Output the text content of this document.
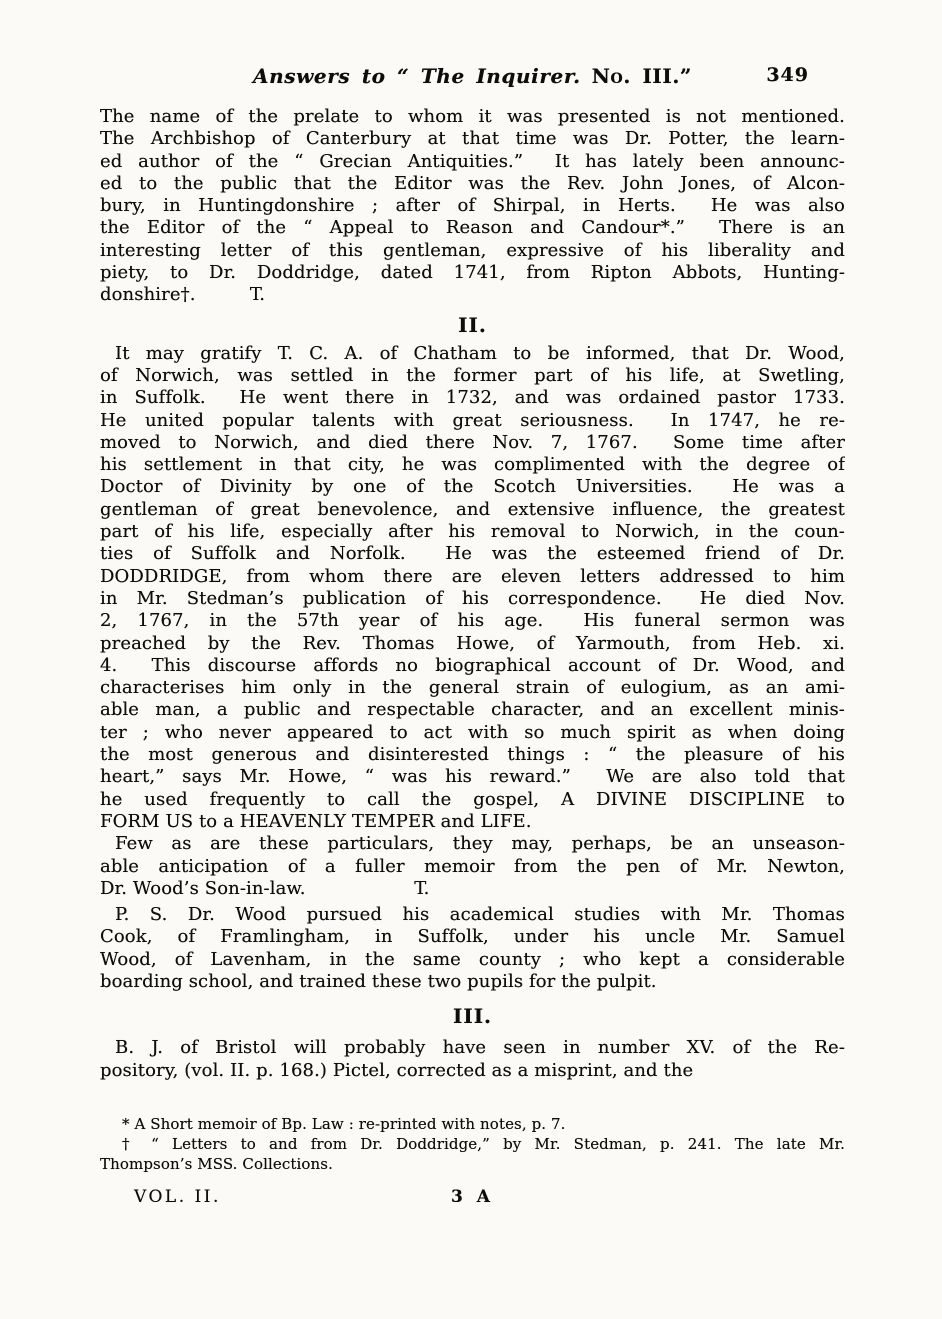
Answers to “ The Inquirer. No. III.”	349
The name of the prelate to whom it was presented is not mentioned.
The Archbishop of Canterbury at that time was Dr. Potter, the learn-
ed author of the “ Grecian Antiquities.”  It has lately been announc-
ed to the public that the Editor was the Rev. John Jones, of Alcon-
bury, in Huntingdonshire ; after of Shirpal, in Herts.  He was also
the Editor of the “ Appeal to Reason and Candour*.”  There is an
interesting letter of this gentleman, expressive of his liberality and
piety, to Dr. Doddridge, dated 1741, from Ripton Abbots, Hunting-
donshire†.   T.
II.
It may gratify T. C. A. of Chatham to be informed, that Dr. Wood,
of Norwich, was settled in the former part of his life, at Swetling,
in Suffolk.  He went there in 1732, and was ordained pastor 1733.
He united popular talents with great seriousness.  In 1747, he re-
moved to Norwich, and died there Nov. 7, 1767.  Some time after
his settlement in that city, he was complimented with the degree of
Doctor of Divinity by one of the Scotch Universities.  He was a
gentleman of great benevolence, and extensive influence, the greatest
part of his life, especially after his removal to Norwich, in the coun-
ties of Suffolk and Norfolk.  He was the esteemed friend of Dr.
DODDRIDGE, from whom there are eleven letters addressed to him
in Mr. Stedman’s publication of his correspondence.  He died Nov.
2, 1767, in the 57th year of his age.  His funeral sermon was
preached by the Rev. Thomas Howe, of Yarmouth, from Heb. xi.
4.  This discourse affords no biographical account of Dr. Wood, and
characterises him only in the general strain of eulogium, as an ami-
able man, a public and respectable character, and an excellent minis-
ter ; who never appeared to act with so much spirit as when doing
the most generous and disinterested things : “ the pleasure of his
heart,” says Mr. Howe, “ was his reward.”  We are also told that
he used frequently to call the gospel, A DIVINE DISCIPLINE to
FORM US to a HEAVENLY TEMPER and LIFE.
Few as are these particulars, they may, perhaps, be an unseason-
able anticipation of a fuller memoir from the pen of Mr. Newton,
Dr. Wood’s Son-in-law.      T.
P. S. Dr. Wood pursued his academical studies with Mr. Thomas
Cook, of Framlingham, in Suffolk, under his uncle Mr. Samuel
Wood, of Lavenham, in the same county ; who kept a considerable
boarding school, and trained these two pupils for the pulpit.
III.
B. J. of Bristol will probably have seen in number XV. of the Re-
pository, (vol. II. p. 168.) Pictel, corrected as a misprint, and the
* A Short memoir of Bp. Law : re-printed with notes, p. 7.
† “ Letters to and from Dr. Doddridge,” by Mr. Stedman, p. 241. The late Mr.
Thompson’s MSS. Collections.
VOL. II.	3 A
